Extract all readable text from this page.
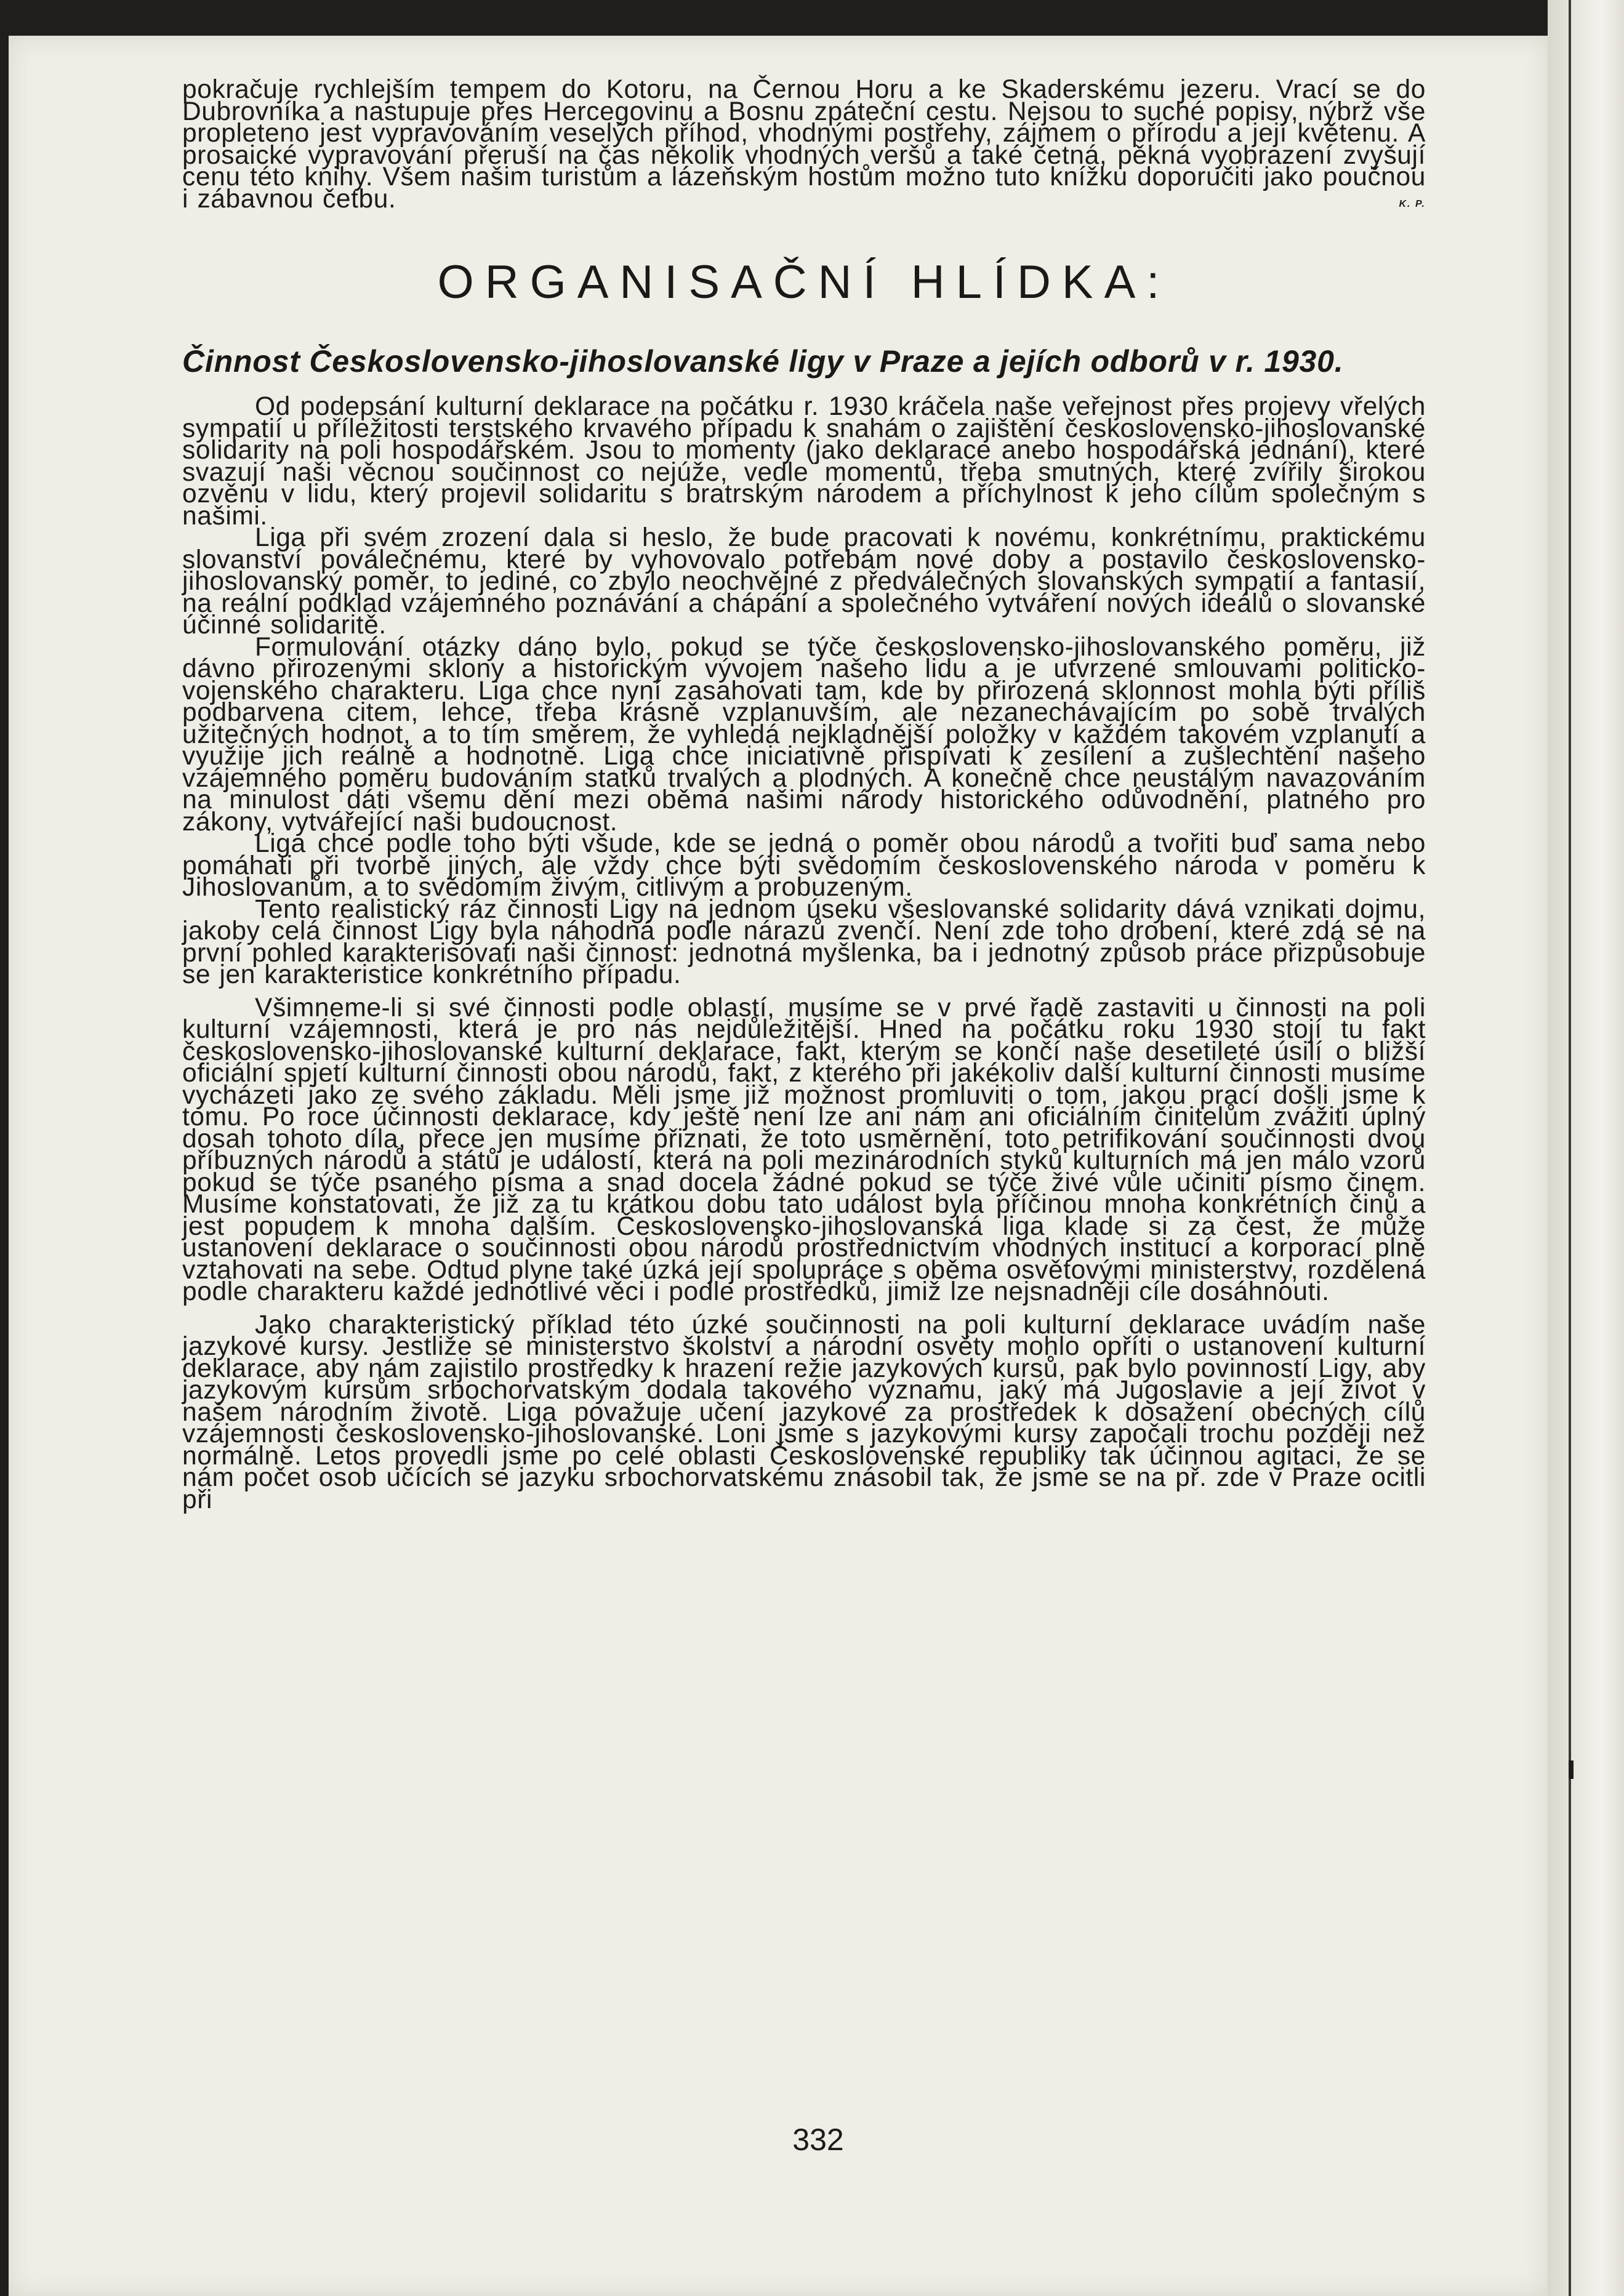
pokračuje rychlejším tempem do Kotoru, na Černou Horu a ke Skaderskému jezeru. Vrací se do Dubrovníka a nastupuje přes Hercegovinu a Bosnu zpáteční cestu. Nejsou to suché popisy, nýbrž vše propleteno jest vypravováním veselých příhod, vhodnými postřehy, zájmem o přírodu a její květenu. A prosaické vypravování přeruší na čas několik vhodných veršů a také četná, pěkná vyobrazení zvyšují cenu této knihy. Všem našim turistům a lázeňským hostům možno tuto knížku doporučiti jako poučnou i zábavnou četbu.	K. P.
ORGANISAČNÍ HLÍDKA:
Činnost Československo-jihoslovanské ligy v Praze a jejích odborů v r. 1930.

Od podepsání kulturní deklarace na počátku r. 1930 kráčela naše veřejnost přes projevy vřelých sympatií u příležitosti terstského krvavého případu k snahám o zajištění československo-jihoslovanské solidarity na poli hospodářském. Jsou to momenty (jako deklarace anebo hospodářská jednání), které svazují naši věcnou součinnost co nejúže, vedle momentů, třeba smutných, které zvířily širokou ozvěnu v lidu, který projevil solidaritu s bratrským národem a příchylnost k jeho cílům společným s našimi.

Liga při svém zrození dala si heslo, že bude pracovati k novému, konkrétnímu, praktickému slovanství poválečnému, které by vyhovovalo potřebám nové doby a postavilo československo-jihoslovanský poměr, to jediné, co zbylo neochvějné z předválečných slovanských sympatií a fantasií, na reální podklad vzájemného poznávání a chápání a společného vytváření nových ideálů o slovanské účinné solidaritě.

Formulování otázky dáno bylo, pokud se týče československo-jihoslovanského poměru, již dávno přirozenými sklony a historickým vývojem našeho lidu a je utvrzené smlouvami politicko-vojenského charakteru. Liga chce nyní zasahovati tam, kde by přirozená sklonnost mohla býti příliš podbarvena citem, lehce, třeba krásně vzplanuvším, ale nezanechávajícím po sobě trvalých užitečných hodnot, a to tím směrem, že vyhledá nejkladnější položky v každém takovém vzplanutí a využije jich reálně a hodnotně. Liga chce iniciativně přispívati k zesílení a zušlechtění našeho vzájemného poměru budováním statků trvalých a plodných. A konečně chce neustálým navazováním na minulost dáti všemu dění mezi oběma našimi národy historického odůvodnění, platného pro zákony, vytvářející naši budoucnost.

Liga chce podle toho býti všude, kde se jedná o poměr obou národů a tvořiti buď sama nebo pomáhati při tvorbě jiných, ale vždy chce býti svědomím československého národa v poměru k Jihoslovanům, a to svědomím živým, citlivým a probuzeným.

Tento realistický ráz činnosti Ligy na jednom úseku všeslovanské solidarity dává vznikati dojmu, jakoby celá činnost Ligy byla náhodná podle nárazů zvenčí. Není zde toho drobení, které zdá se na první pohled karakterisovati naši činnost: jednotná myšlenka, ba i jednotný způsob práce přizpůsobuje se jen karakteristice konkrétního případu.

Všimneme-li si své činnosti podle oblastí, musíme se v prvé řadě zastaviti u činnosti na poli kulturní vzájemnosti, která je pro nás nejdůležitější. Hned na počátku roku 1930 stojí tu fakt československo-jihoslovanské kulturní deklarace, fakt, kterým se končí naše desetileté úsilí o bližší oficiální spjetí kulturní činnosti obou národů, fakt, z kterého při jakékoliv další kulturní činnosti musíme vycházeti jako ze svého základu. Měli jsme již možnost promluviti o tom, jakou prací došli jsme k tomu. Po roce účinnosti deklarace, kdy ještě není lze ani nám ani oficiálním činitelům zvážiti úplný dosah tohoto díla, přece jen musíme přiznati, že toto usměrnění, toto petrifikování součinnosti dvou příbuzných národů a států je událostí, která na poli mezinárodních styků kulturních má jen málo vzorů pokud se týče psaného písma a snad docela žádné pokud se týče živé vůle učiniti písmo činem. Musíme konstatovati, že již za tu krátkou dobu tato událost byla příčinou mnoha konkrétních činů a jest popudem k mnoha dalším. Československo-jihoslovanská liga klade si za čest, že může ustanovení deklarace o součinnosti obou národů prostřednictvím vhodných institucí a korporací plně vztahovati na sebe. Odtud plyne také úzká její spolupráce s oběma osvětovými ministerstvy, rozdělená podle charakteru každé jednotlivé věci i podle prostředků, jimiž lze nejsnadněji cíle dosáhnouti.

Jako charakteristický příklad této úzké součinnosti na poli kulturní deklarace uvádím naše jazykové kursy. Jestliže se ministerstvo školství a národní osvěty mohlo opříti o ustanovení kulturní deklarace, aby nám zajistilo prostředky k hrazení režie jazykových kursů, pak bylo povinností Ligy, aby jazykovým kursům srbochorvatským dodala takového významu, jaký má Jugoslavie a její život v našem národním životě. Liga považuje učení jazykové za prostředek k dosažení obecných cílů vzájemnosti československo-jihoslovanské. Loni jsme s jazykovými kursy započali trochu později než normálně. Letos provedli jsme po celé oblasti Československé republiky tak účinnou agitaci, že se nám počet osob učících se jazyku srbochorvatskému znásobil tak, že jsme se na př. zde v Praze ocitli při

332
